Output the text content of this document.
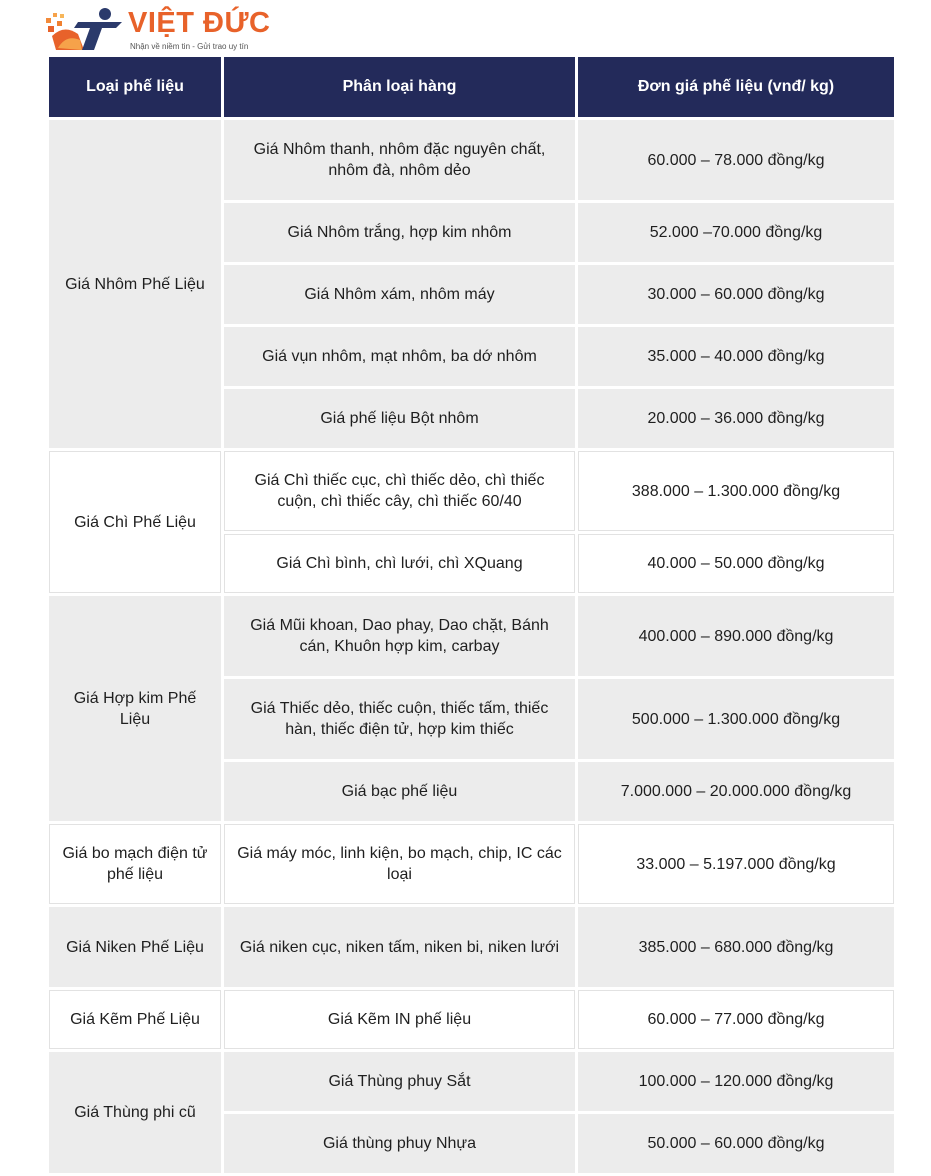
VIỆT ĐỨC
Nhận về niềm tin - Gửi trao uy tín
Loại phế liệu	Phân loại hàng	Đơn giá phế liệu (vnđ/ kg)
Giá Nhôm Phế Liệu	Giá Nhôm thanh, nhôm đặc nguyên chất, nhôm đà, nhôm dẻo	60.000 – 78.000 đồng/kg
	Giá Nhôm trắng, hợp kim nhôm	52.000 –70.000 đồng/kg
	Giá Nhôm xám, nhôm máy	30.000 – 60.000 đồng/kg
	Giá vụn nhôm, mạt nhôm, ba dớ nhôm	35.000 – 40.000 đồng/kg
	Giá phế liệu Bột nhôm	20.000 – 36.000 đồng/kg
Giá Chì Phế Liệu	Giá Chì thiếc cục, chì thiếc dẻo, chì thiếc cuộn, chì thiếc cây, chì thiếc 60/40	388.000 – 1.300.000 đồng/kg
	Giá Chì bình, chì lưới, chì XQuang	40.000 – 50.000 đồng/kg
Giá Hợp kim Phế Liệu	Giá Mũi khoan, Dao phay, Dao chặt, Bánh cán, Khuôn hợp kim, carbay	400.000 – 890.000 đồng/kg
	Giá Thiếc dẻo, thiếc cuộn, thiếc tấm, thiếc hàn, thiếc điện tử, hợp kim thiếc	500.000 – 1.300.000 đồng/kg
	Giá bạc phế liệu	7.000.000 – 20.000.000 đồng/kg
Giá bo mạch điện tử phế liệu	Giá máy móc, linh kiện, bo mạch, chip, IC các loại	33.000 – 5.197.000 đồng/kg
Giá Niken Phế Liệu	Giá niken cục, niken tấm, niken bi, niken lưới	385.000 – 680.000 đồng/kg
Giá Kẽm Phế Liệu	Giá Kẽm IN phế liệu	60.000 – 77.000 đồng/kg
Giá Thùng phi cũ	Giá Thùng phuy Sắt	100.000 – 120.000 đồng/kg
	Giá thùng phuy Nhựa	50.000 – 60.000 đồng/kg
